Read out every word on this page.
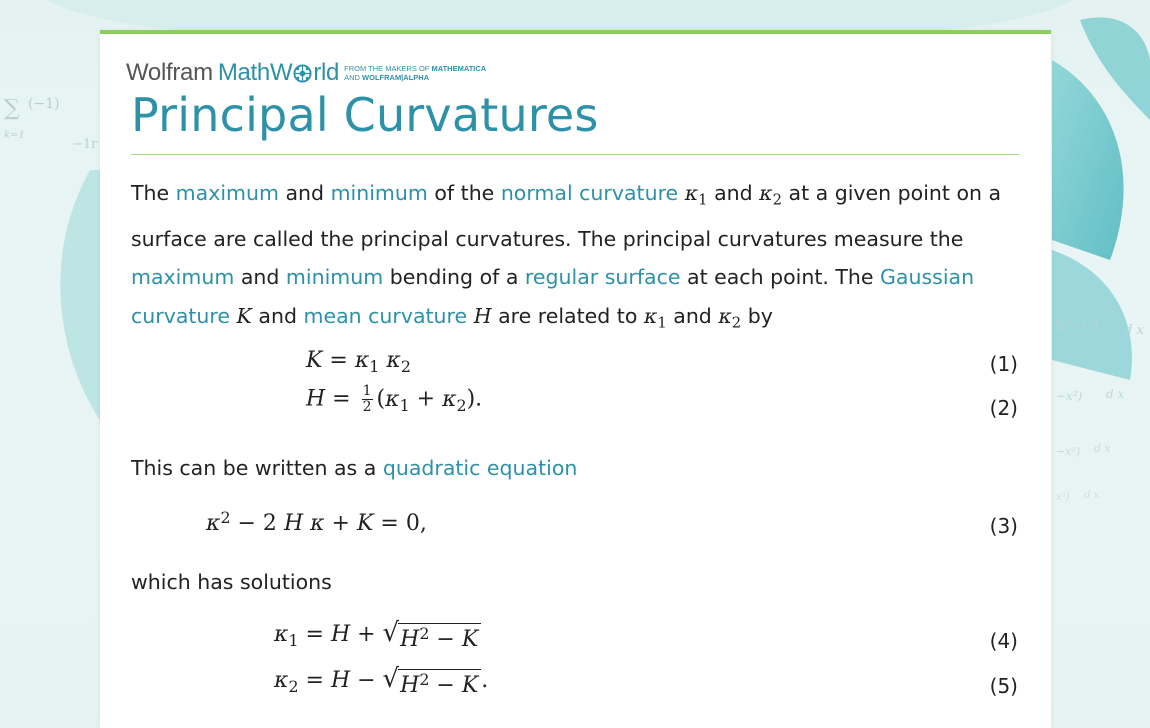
∑ (−1)
k=1
−1r
b²−x²) d x
−x²) d x
−x²) d x
x²) d x
Wolfram MathW rld FROM THE MAKERS OF MATHEMATICA
AND WOLFRAM|ALPHA
Principal Curvatures

The maximum and minimum of the normal curvature $\kappa_1$ and $\kappa_2$ at a given point on a surface are called the principal curvatures. The principal curvatures measure the maximum and minimum bending of a regular surface at each point. The Gaussian curvature K and mean curvature H are related to $\kappa_1$ and $\kappa_2$ by

$K = \kappa_1$ $\kappa_2$	(1)
$H = \frac{1}{2} (\kappa_1 + \kappa_2)$.	(2)
This can be written as a quadratic equation
$\kappa^2 - 2$ H κ + K = 0,	(3)
which has solutions
$\kappa_1 = H$ + √ $H^2 - K$	(4)
$\kappa_2 = H$ − √ $H^2 - K$ .	(5)
